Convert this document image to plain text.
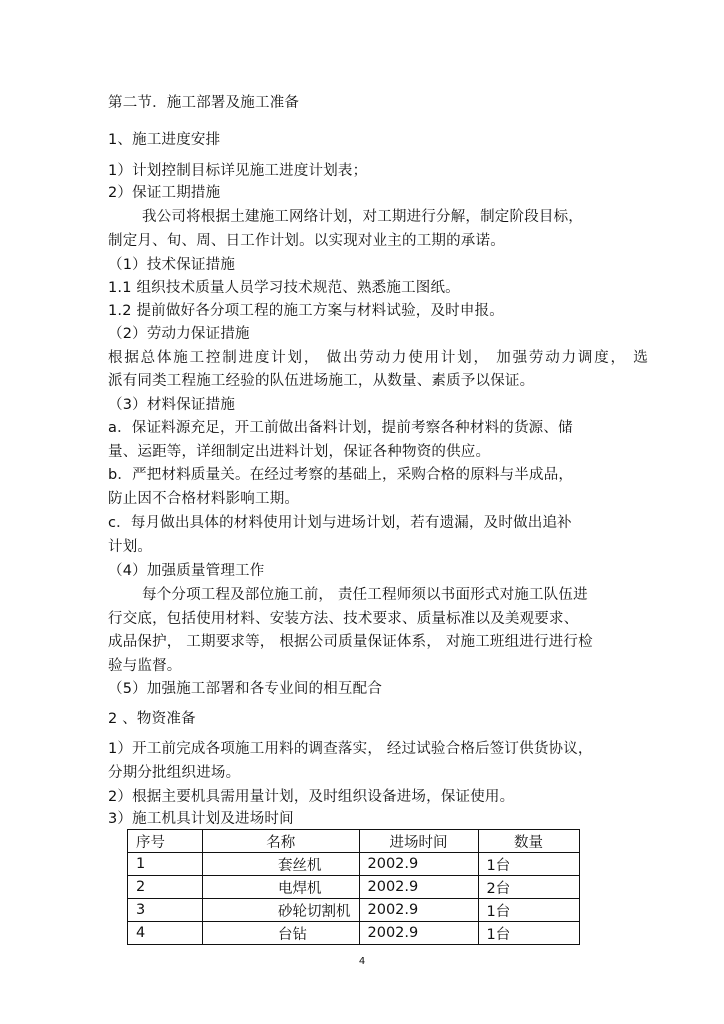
第二节．施工部署及施工准备
1、施工进度安排
1）计划控制目标详见施工进度计划表；
2）保证工期措施
我公司将根据土建施工网络计划，对工期进行分解，制定阶段目标，
制定月、旬、周、日工作计划。以实现对业主的工期的承诺。
（1）技术保证措施
1.1 组织技术质量人员学习技术规范、熟悉施工图纸。
1.2 提前做好各分项工程的施工方案与材料试验，及时申报。
（2）劳动力保证措施
根据总体施工控制进度计划， 做出劳动力使用计划， 加强劳动力调度， 选
派有同类工程施工经验的队伍进场施工，从数量、素质予以保证。
（3）材料保证措施
a．保证料源充足，开工前做出备料计划，提前考察各种材料的货源、储
量、运距等，详细制定出进料计划，保证各种物资的供应。
b．严把材料质量关。在经过考察的基础上，采购合格的原料与半成品，
防止因不合格材料影响工期。
c．每月做出具体的材料使用计划与进场计划，若有遗漏，及时做出追补
计划。
（4）加强质量管理工作
每个分项工程及部位施工前， 责任工程师须以书面形式对施工队伍进
行交底，包括使用材料、安装方法、技术要求、质量标准以及美观要求、
成品保护， 工期要求等， 根据公司质量保证体系， 对施工班组进行进行检
验与监督。
（5）加强施工部署和各专业间的相互配合
2 、物资准备
1）开工前完成各项施工用料的调查落实， 经过试验合格后签订供货协议，
分期分批组织进场。
2）根据主要机具需用量计划，及时组织设备进场，保证使用。
3）施工机具计划及进场时间
序号	名称	进场时间	数量
1	套丝机	2002.9	1台
2	电焊机	2002.9	2台
3	砂轮切割机	2002.9	1台
4	台钻	2002.9	1台
4
